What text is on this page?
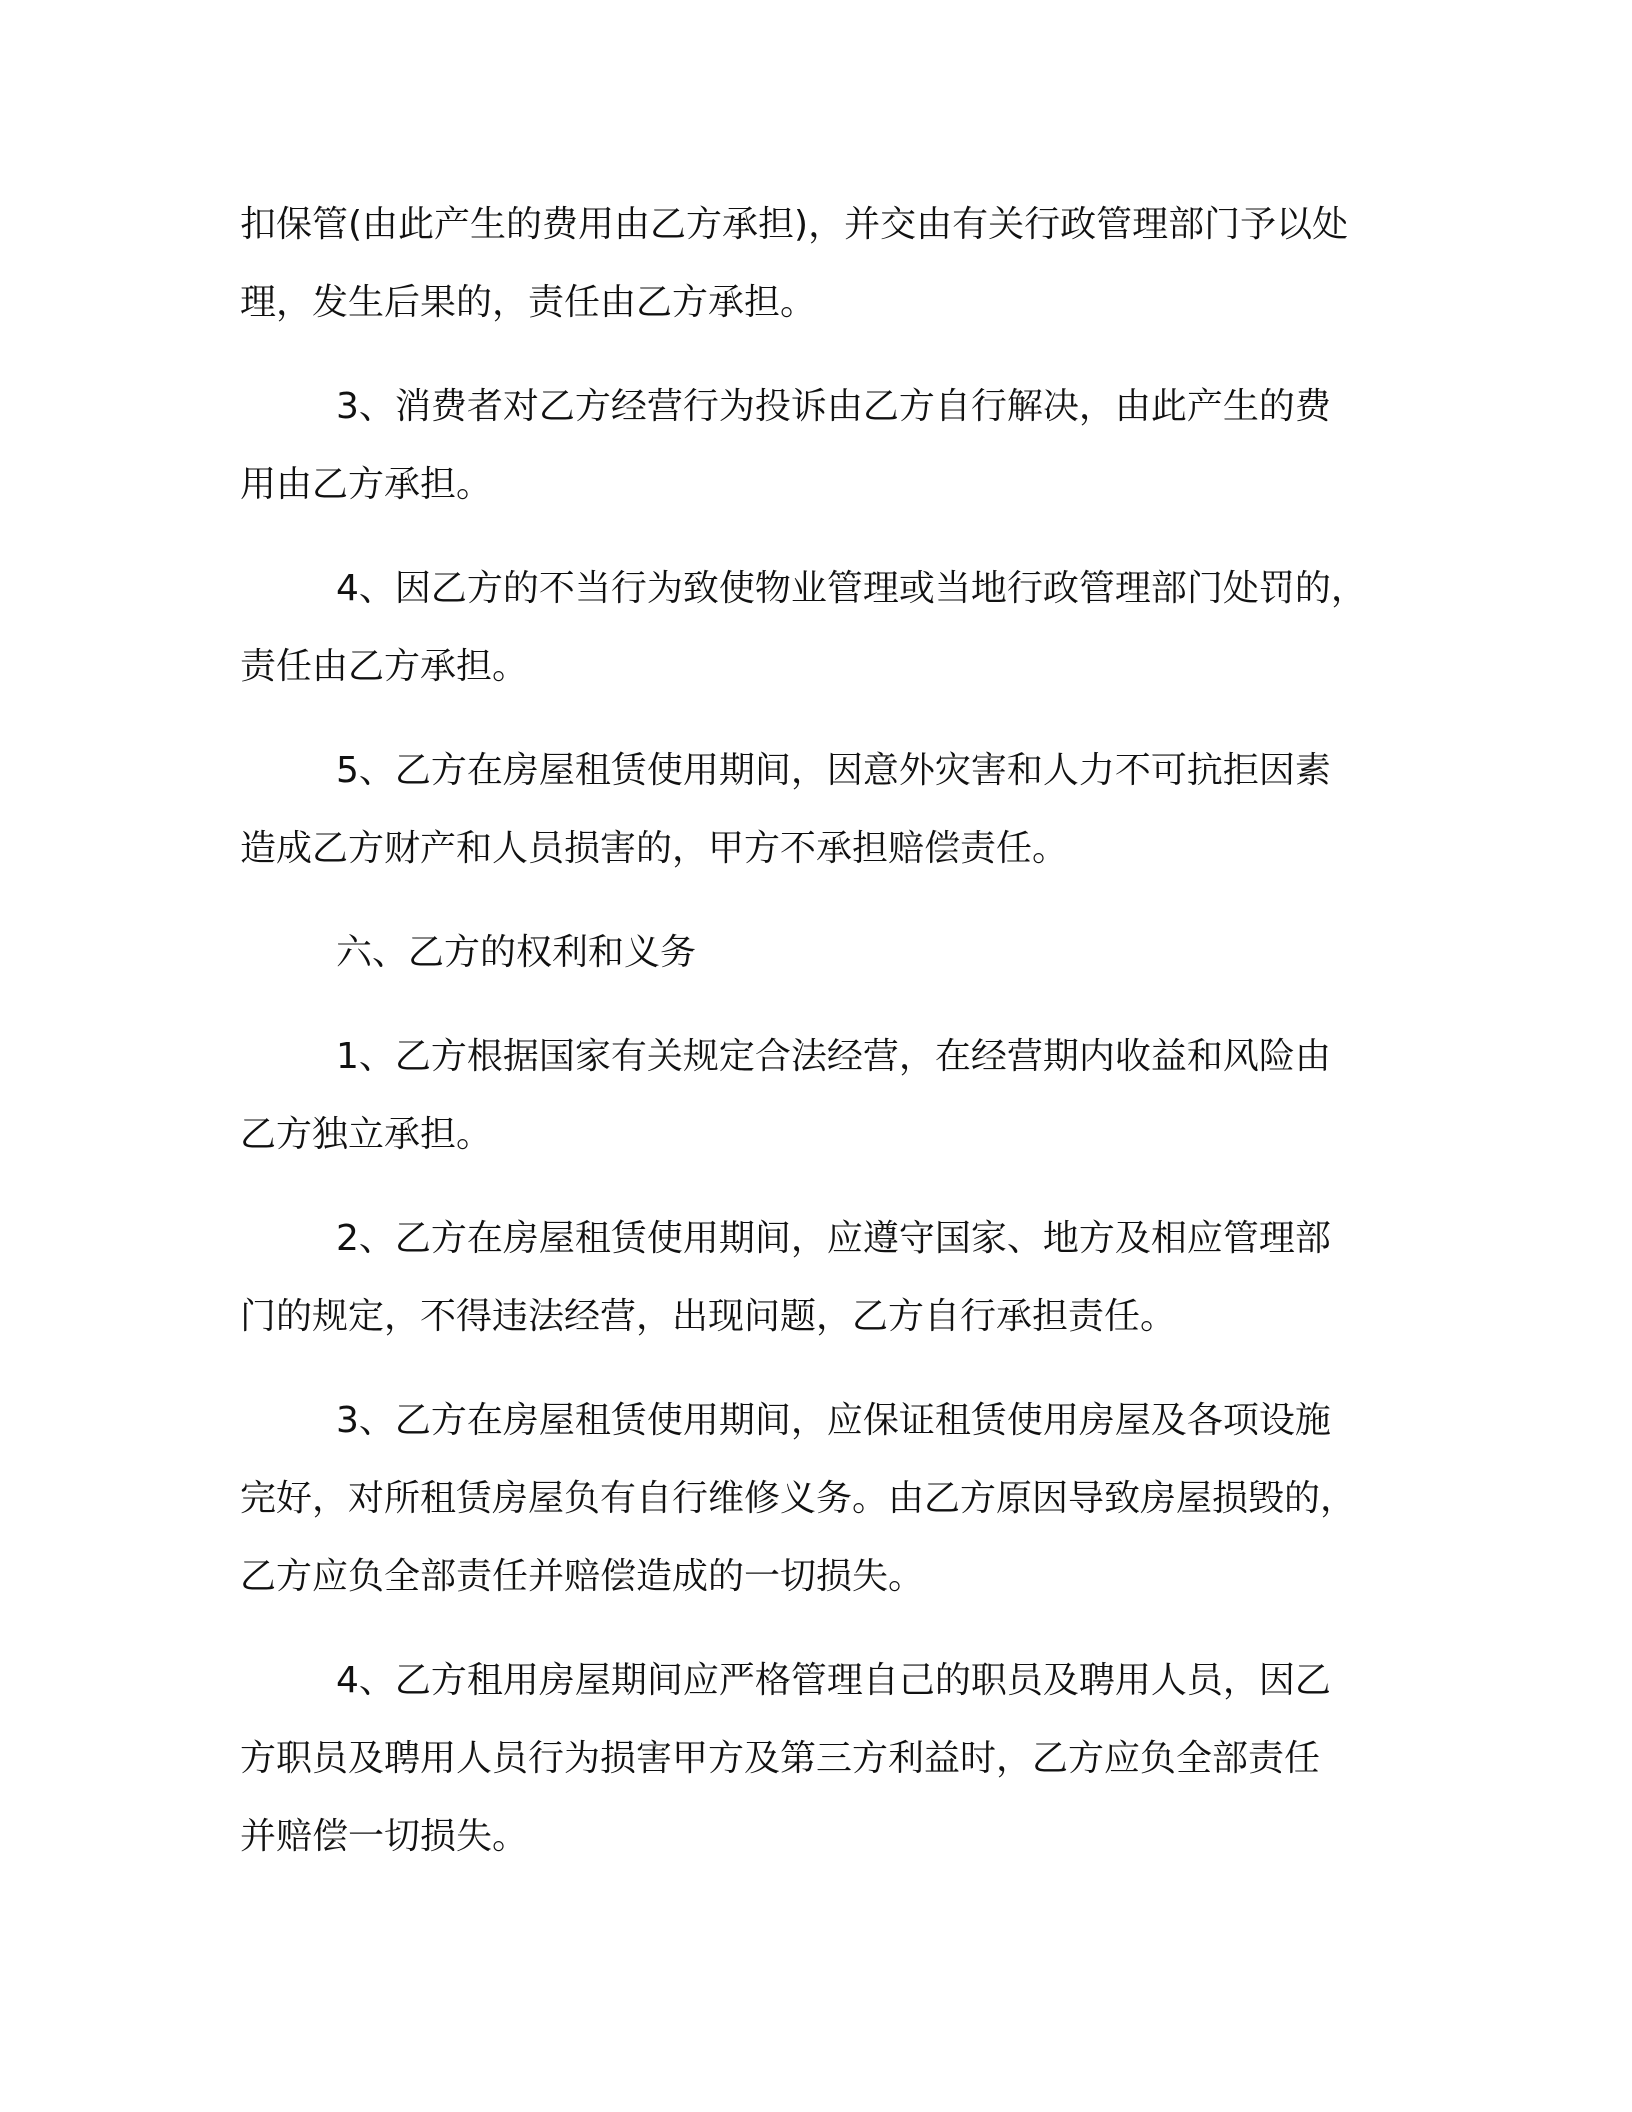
扣保管(由此产生的费用由乙方承担)，并交由有关行政管理部门予以处
理，发生后果的，责任由乙方承担。

3、消费者对乙方经营行为投诉由乙方自行解决，由此产生的费
用由乙方承担。

4、因乙方的不当行为致使物业管理或当地行政管理部门处罚的，
责任由乙方承担。

5、乙方在房屋租赁使用期间，因意外灾害和人力不可抗拒因素
造成乙方财产和人员损害的，甲方不承担赔偿责任。

六、乙方的权利和义务

1、乙方根据国家有关规定合法经营，在经营期内收益和风险由
乙方独立承担。

2、乙方在房屋租赁使用期间，应遵守国家、地方及相应管理部
门的规定，不得违法经营，出现问题，乙方自行承担责任。

3、乙方在房屋租赁使用期间，应保证租赁使用房屋及各项设施
完好，对所租赁房屋负有自行维修义务。由乙方原因导致房屋损毁的，
乙方应负全部责任并赔偿造成的一切损失。

4、乙方租用房屋期间应严格管理自己的职员及聘用人员，因乙
方职员及聘用人员行为损害甲方及第三方利益时，乙方应负全部责任
并赔偿一切损失。
